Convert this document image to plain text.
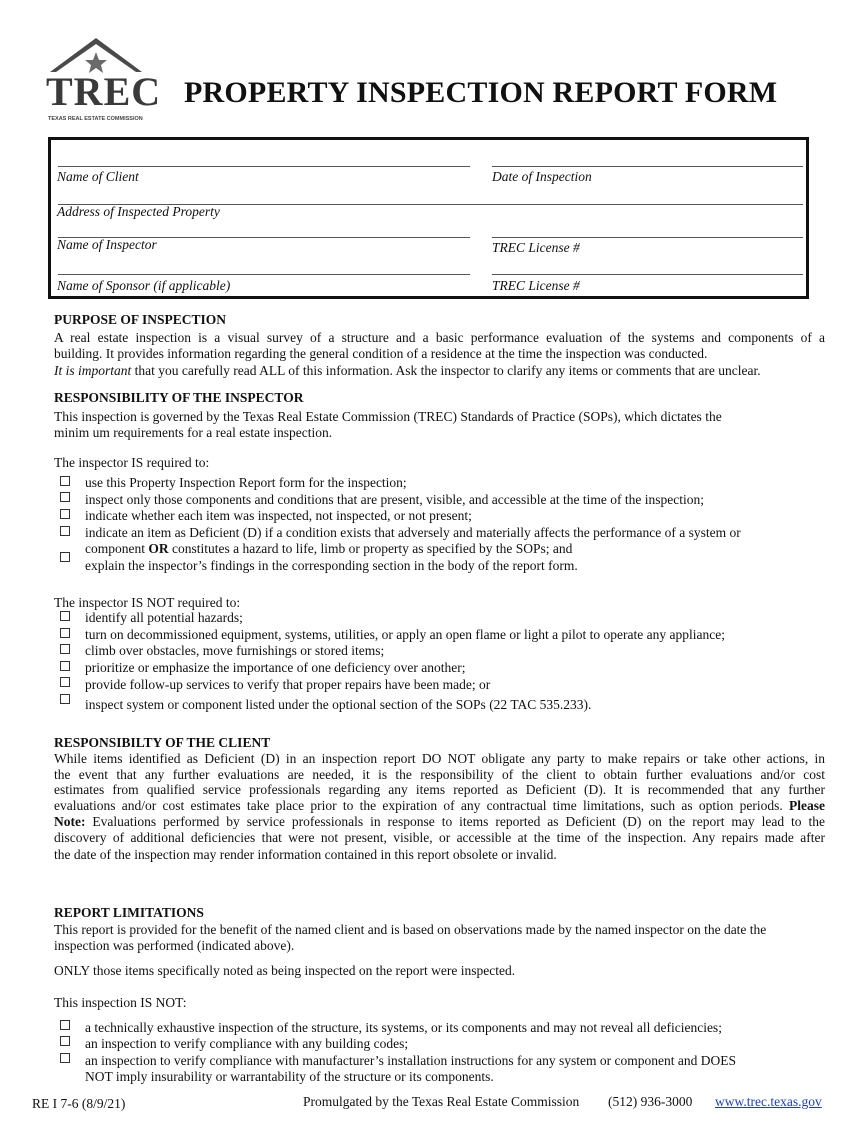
TREC
TEXAS REAL ESTATE COMMISSION
PROPERTY INSPECTION REPORT FORM
Name of Client	Date of Inspection
Address of Inspected Property
Name of Inspector	TREC License #
Name of Sponsor (if applicable)	TREC License #
PURPOSE OF INSPECTION
A real estate inspection is a visual survey of a structure and a basic performance evaluation of the systems and components of a
building. It provides information regarding the general condition of a residence at the time the inspection was conducted.
It is important that you carefully read ALL of this information. Ask the inspector to clarify any items or comments that are unclear.
RESPONSIBILITY OF THE INSPECTOR
This inspection is governed by the Texas Real Estate Commission (TREC) Standards of Practice (SOPs), which dictates the
minim um requirements for a real estate inspection.
The inspector IS required to:
use this Property Inspection Report form for the inspection;
inspect only those components and conditions that are present, visible, and accessible at the time of the inspection;
indicate whether each item was inspected, not inspected, or not present;
indicate an item as Deficient (D) if a condition exists that adversely and materially affects the performance of a system or
component OR constitutes a hazard to life, limb or property as specified by the SOPs; and
explain the inspector’s findings in the corresponding section in the body of the report form.
The inspector IS NOT required to:
identify all potential hazards;
turn on decommissioned equipment, systems, utilities, or apply an open flame or light a pilot to operate any appliance;
climb over obstacles, move furnishings or stored items;
prioritize or emphasize the importance of one deficiency over another;
provide follow-up services to verify that proper repairs have been made; or
inspect system or component listed under the optional section of the SOPs (22 TAC 535.233).
RESPONSIBILTY OF THE CLIENT
While items identified as Deficient (D) in an inspection report DO NOT obligate any party to make repairs or take other actions, in
the event that any further evaluations are needed, it is the responsibility of the client to obtain further evaluations and/or cost
estimates from qualified service professionals regarding any items reported as Deficient (D). It is recommended that any further
evaluations and/or cost estimates take place prior to the expiration of any contractual time limitations, such as option periods. Please
Note: Evaluations performed by service professionals in response to items reported as Deficient (D) on the report may lead to the
discovery of additional deficiencies that were not present, visible, or accessible at the time of the inspection. Any repairs made after
the date of the inspection may render information contained in this report obsolete or invalid.
REPORT LIMITATIONS
This report is provided for the benefit of the named client and is based on observations made by the named inspector on the date the
inspection was performed (indicated above).
ONLY those items specifically noted as being inspected on the report were inspected.
This inspection IS NOT:
a technically exhaustive inspection of the structure, its systems, or its components and may not reveal all deficiencies;
an inspection to verify compliance with any building codes;
an inspection to verify compliance with manufacturer’s installation instructions for any system or component and DOES
NOT imply insurability or warrantability of the structure or its components.
RE I 7-6 (8/9/21)	Promulgated by the Texas Real Estate Commission (512) 936-3000 www.trec.texas.gov
